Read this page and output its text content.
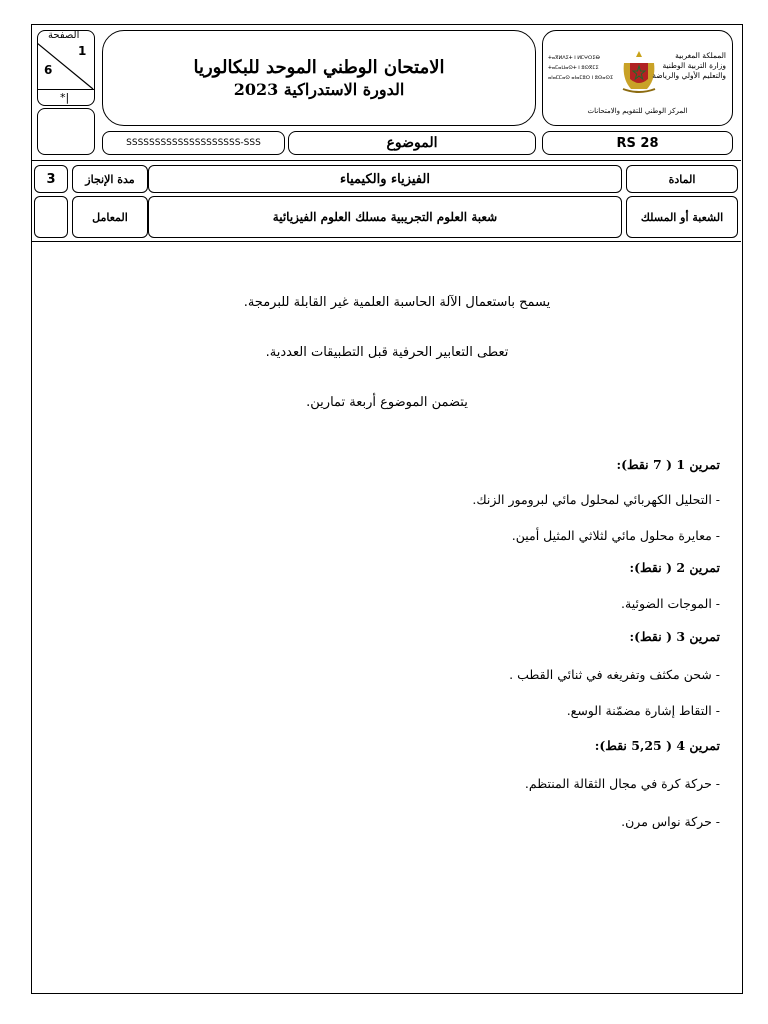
الصفحة
1
6
*|
الامتحان الوطني الموحد للبكالوريا
الدورة الاستدراكية 2023
ⵜⴰⴳⵍⴷⵉⵜ ⵏ ⵍⵎⵖⵔⵉⴱ
ⵜⴰⵎⴰⵡⴰⵙⵜ ⵏ ⵓⵙⴳⵎⵉ
ⴰⵏⴰⵎⵎⴰⵙ ⴰⵏⴰⵎⵓⵔ ⵏ ⵓⵙⴰⵙⵉ
المملكة المغربية
وزارة التربية الوطنية
والتعليم الأولي والرياضة
المركز الوطني للتقويم والامتحانات
SSSSSSSSSSSSSSSSSSSS-SSS	الموضوع	RS 28
3	مدة الإنجاز	الفيزياء والكيمياء	المادة
المعامل	شعبة العلوم التجريبية مسلك العلوم الفيزيائية	الشعبة أو المسلك
يسمح باستعمال الآلة الحاسبة العلمية غير القابلة للبرمجة.
تعطى التعابير الحرفية قبل التطبيقات العددية.
يتضمن الموضوع أربعة تمارين.
تمرين 1 ( 7 نقط):
- التحليل الكهربائي لمحلول مائي لبرومور الزنك.
- معايرة محلول مائي لثلاثي المثيل أمين.
تمرين 2 ( نقط):
- الموجات الضوئية.
تمرين 3 ( نقط):
- شحن مكثف وتفريغه في ثنائي القطب .
- التقاط إشارة مضمّنة الوسع.
تمرين 4 ( 5,25 نقط):
- حركة كرة في مجال الثقالة المنتظم.
- حركة نواس مرن.
